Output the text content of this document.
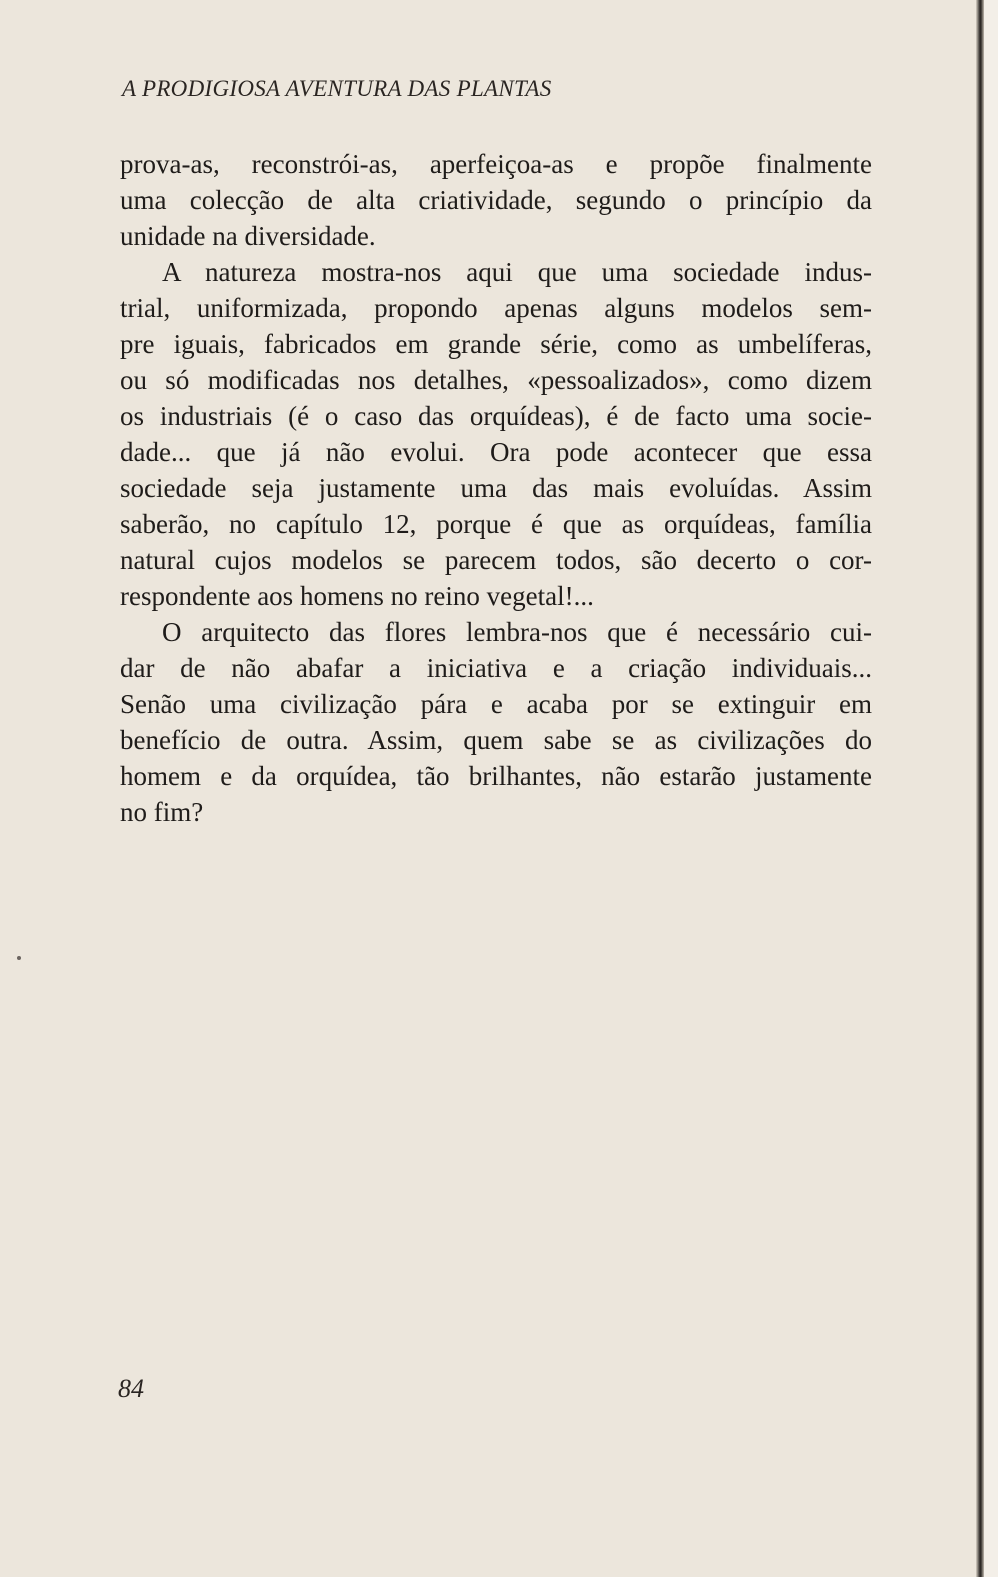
A PRODIGIOSA AVENTURA DAS PLANTAS
prova-as, reconstrói-as, aperfeiçoa-as e propõe finalmente
uma colecção de alta criatividade, segundo o princípio da
unidade na diversidade.
A natureza mostra-nos aqui que uma sociedade indus-
trial, uniformizada, propondo apenas alguns modelos sem-
pre iguais, fabricados em grande série, como as umbelíferas,
ou só modificadas nos detalhes, «pessoalizados», como dizem
os industriais (é o caso das orquídeas), é de facto uma socie-
dade... que já não evolui. Ora pode acontecer que essa
sociedade seja justamente uma das mais evoluídas. Assim
saberão, no capítulo 12, porque é que as orquídeas, família
natural cujos modelos se parecem todos, são decerto o cor-
respondente aos homens no reino vegetal!...
O arquitecto das flores lembra-nos que é necessário cui-
dar de não abafar a iniciativa e a criação individuais...
Senão uma civilização pára e acaba por se extinguir em
benefício de outra. Assim, quem sabe se as civilizações do
homem e da orquídea, tão brilhantes, não estarão justamente
no fim?
84
